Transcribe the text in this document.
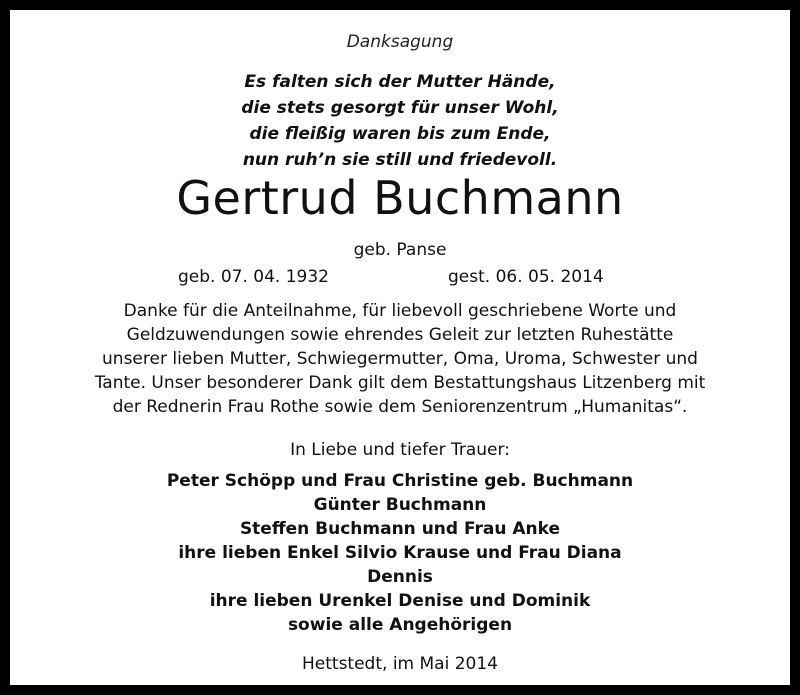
Danksagung
Es falten sich der Mutter Hände,
die stets gesorgt für unser Wohl,
die fleißig waren bis zum Ende,
nun ruh’n sie still und friedevoll.
Gertrud Buchmann
geb. Panse
geb. 07. 04. 1932	gest. 06. 05. 2014
Danke für die Anteilnahme, für liebevoll geschriebene Worte und
Geldzuwendungen sowie ehrendes Geleit zur letzten Ruhestätte
unserer lieben Mutter, Schwiegermutter, Oma, Uroma, Schwester und
Tante. Unser besonderer Dank gilt dem Bestattungshaus Litzenberg mit
der Rednerin Frau Rothe sowie dem Seniorenzentrum „Humanitas“.
In Liebe und tiefer Trauer:
Peter Schöpp und Frau Christine geb. Buchmann
Günter Buchmann
Steffen Buchmann und Frau Anke
ihre lieben Enkel Silvio Krause und Frau Diana
Dennis
ihre lieben Urenkel Denise und Dominik
sowie alle Angehörigen
Hettstedt, im Mai 2014
